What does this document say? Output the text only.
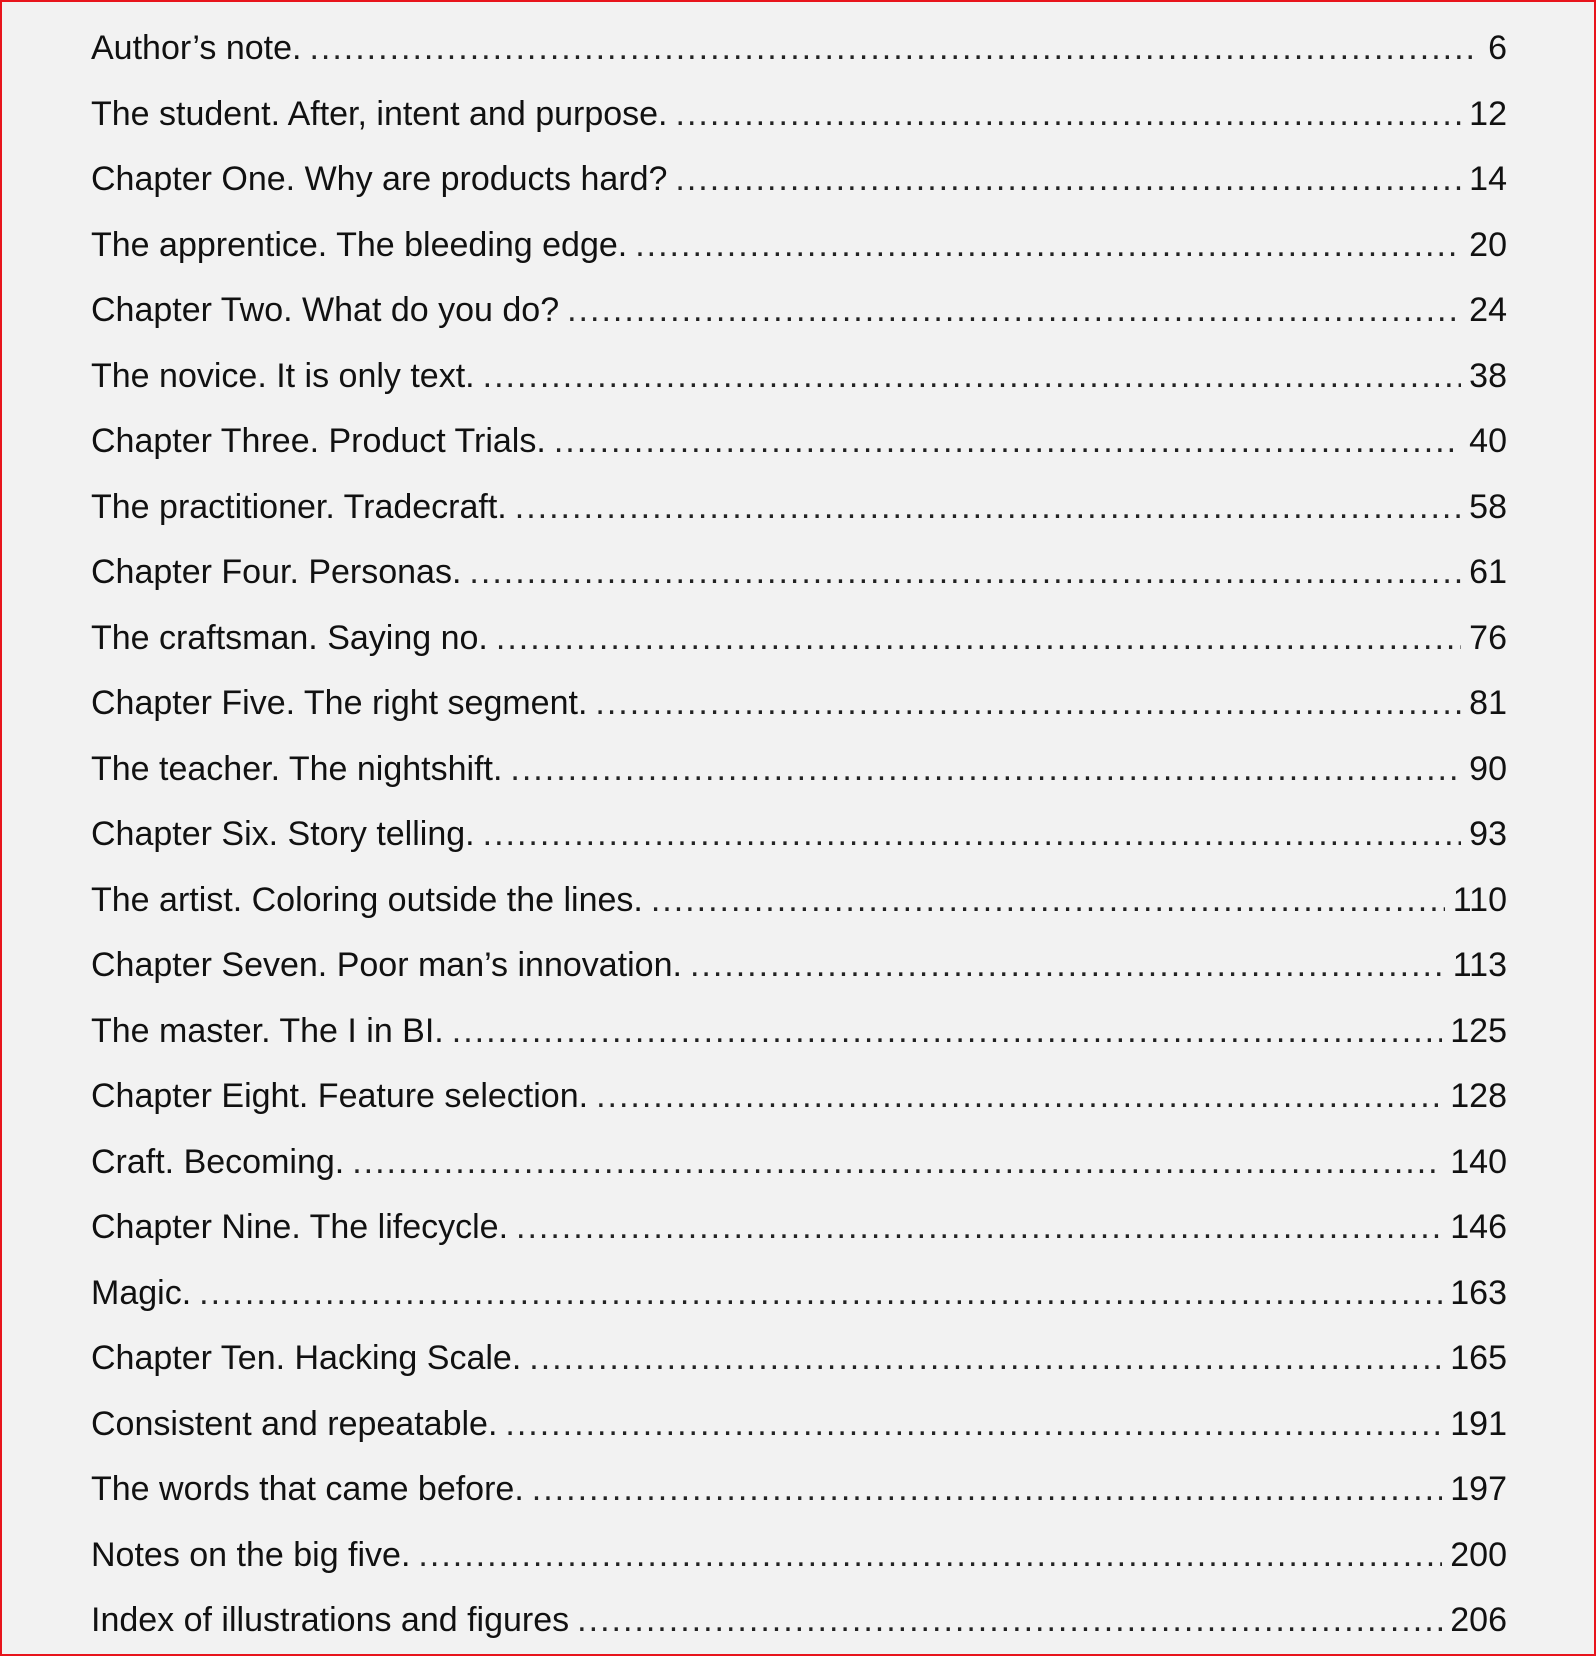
Author’s note. .....	6
The student. After, intent and purpose. .....	12
Chapter One. Why are products hard? .....	14
The apprentice. The bleeding edge. .....	20
Chapter Two. What do you do? .....	24
The novice. It is only text. .....	38
Chapter Three. Product Trials. .....	40
The practitioner. Tradecraft. .....	58
Chapter Four. Personas. .....	61
The craftsman. Saying no. .....	76
Chapter Five. The right segment. .....	81
The teacher. The nightshift. .....	90
Chapter Six. Story telling. .....	93
The artist. Coloring outside the lines. .....	110
Chapter Seven. Poor man’s innovation. .....	113
The master. The I in BI. .....	125
Chapter Eight. Feature selection. .....	128
Craft. Becoming. .....	140
Chapter Nine. The lifecycle. .....	146
Magic. .....	163
Chapter Ten. Hacking Scale. .....	165
Consistent and repeatable. .....	191
The words that came before. .....	197
Notes on the big five. .....	200
Index of illustrations and figures .....	206
